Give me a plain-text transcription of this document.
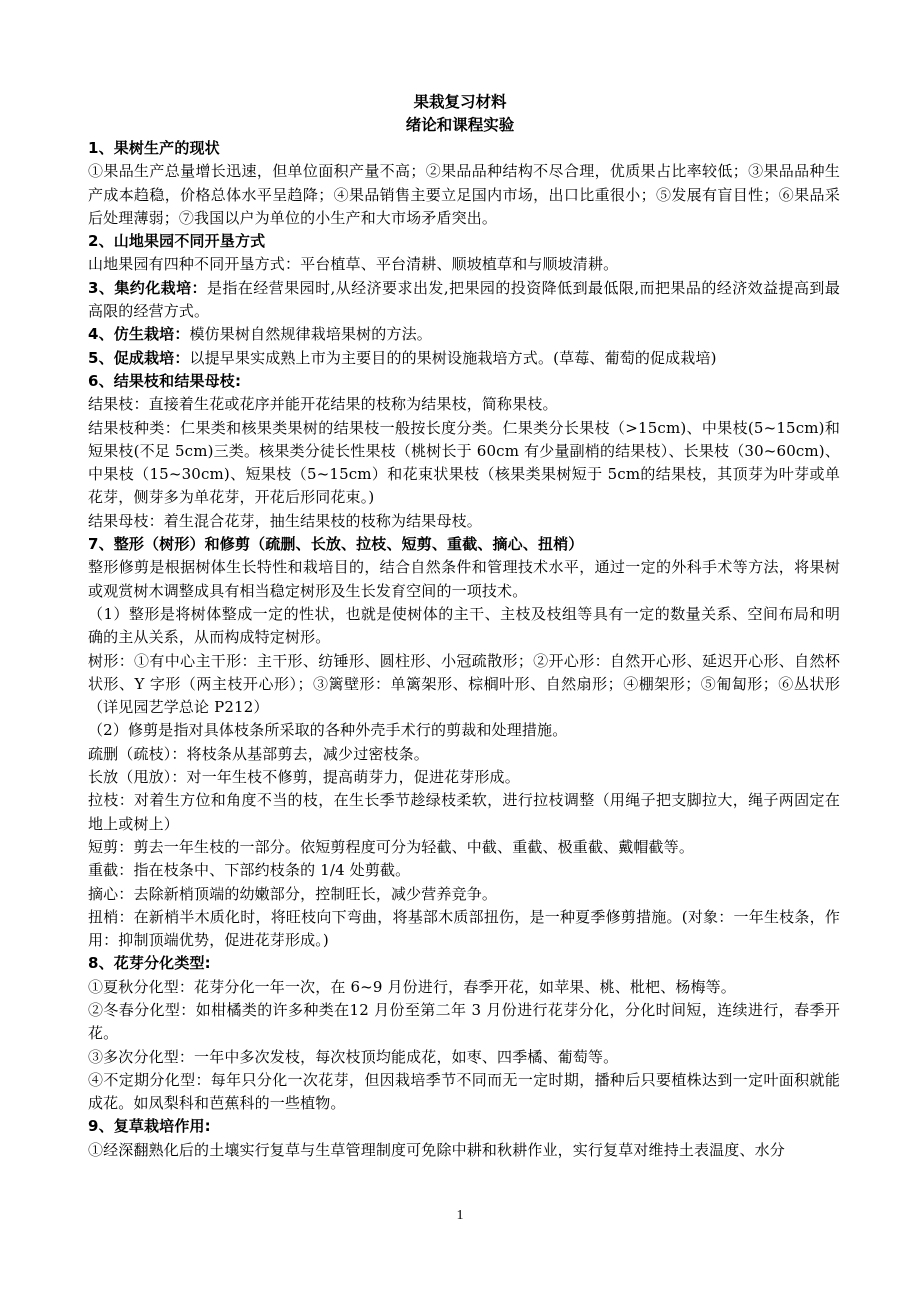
果栽复习材料
绪论和课程实验

1、果树生产的现状

①果品生产总量增长迅速，但单位面积产量不高；②果品品种结构不尽合理，优质果占比率较低；③果品品种生产成本趋稳，价格总体水平呈趋降；④果品销售主要立足国内市场，出口比重很小；⑤发展有盲目性；⑥果品采后处理薄弱；⑦我国以户为单位的小生产和大市场矛盾突出。

2、山地果园不同开垦方式

山地果园有四种不同开垦方式：平台植草、平台清耕、顺坡植草和与顺坡清耕。

3、集约化栽培：是指在经营果园时,从经济要求出发,把果园的投资降低到最低限,而把果品的经济效益提高到最高限的经营方式。

4、仿生栽培：模仿果树自然规律栽培果树的方法。

5、促成栽培：以提早果实成熟上市为主要目的的果树设施栽培方式。(草莓、葡萄的促成栽培)

6、结果枝和结果母枝:

结果枝：直接着生花或花序并能开花结果的枝称为结果枝，简称果枝。

结果枝种类：仁果类和核果类果树的结果枝一般按长度分类。仁果类分长果枝（>15cm)、中果枝(5~15cm)和短果枝(不足 5cm)三类。核果类分徒长性果枝（桃树长于 60cm 有少量副梢的结果枝）、长果枝（30~60cm)、中果枝（15~30cm)、短果枝（5~15cm）和花束状果枝（核果类果树短于 5cm的结果枝，其顶芽为叶芽或单花芽，侧芽多为单花芽，开花后形同花束。)

结果母枝：着生混合花芽，抽生结果枝的枝称为结果母枝。

7、整形（树形）和修剪（疏删、长放、拉枝、短剪、重截、摘心、扭梢）

整形修剪是根据树体生长特性和栽培目的，结合自然条件和管理技术水平，通过一定的外科手术等方法，将果树或观赏树木调整成具有相当稳定树形及生长发育空间的一项技术。

（1）整形是将树体整成一定的性状，也就是使树体的主干、主枝及枝组等具有一定的数量关系、空间布局和明确的主从关系，从而构成特定树形。

树形：①有中心主干形：主干形、纺锤形、圆柱形、小冠疏散形；②开心形：自然开心形、延迟开心形、自然杯状形、Y 字形（两主枝开心形）；③篱壁形：单篱架形、棕榈叶形、自然扇形；④棚架形；⑤匍匐形；⑥丛状形（详见园艺学总论 P212）

（2）修剪是指对具体枝条所采取的各种外壳手术行的剪裁和处理措施。

疏删（疏枝）：将枝条从基部剪去，减少过密枝条。

长放（甩放）：对一年生枝不修剪，提高萌芽力，促进花芽形成。

拉枝：对着生方位和角度不当的枝，在生长季节趁绿枝柔软，进行拉枝调整（用绳子把支脚拉大，绳子两固定在地上或树上）

短剪：剪去一年生枝的一部分。依短剪程度可分为轻截、中截、重截、极重截、戴帽截等。

重截：指在枝条中、下部约枝条的 1/4 处剪截。

摘心：去除新梢顶端的幼嫩部分，控制旺长，减少营养竞争。

扭梢：在新梢半木质化时，将旺枝向下弯曲，将基部木质部扭伤，是一种夏季修剪措施。(对象：一年生枝条，作用：抑制顶端优势，促进花芽形成。)

8、花芽分化类型:

①夏秋分化型：花芽分化一年一次，在 6~9 月份进行，春季开花，如苹果、桃、枇杷、杨梅等。

②冬春分化型：如柑橘类的许多种类在12 月份至第二年 3 月份进行花芽分化，分化时间短，连续进行，春季开花。

③多次分化型：一年中多次发枝，每次枝顶均能成花，如枣、四季橘、葡萄等。

④不定期分化型：每年只分化一次花芽，但因栽培季节不同而无一定时期，播种后只要植株达到一定叶面积就能成花。如凤梨科和芭蕉科的一些植物。

9、复草栽培作用:

①经深翻熟化后的土壤实行复草与生草管理制度可免除中耕和秋耕作业，实行复草对维持土表温度、水分

1
